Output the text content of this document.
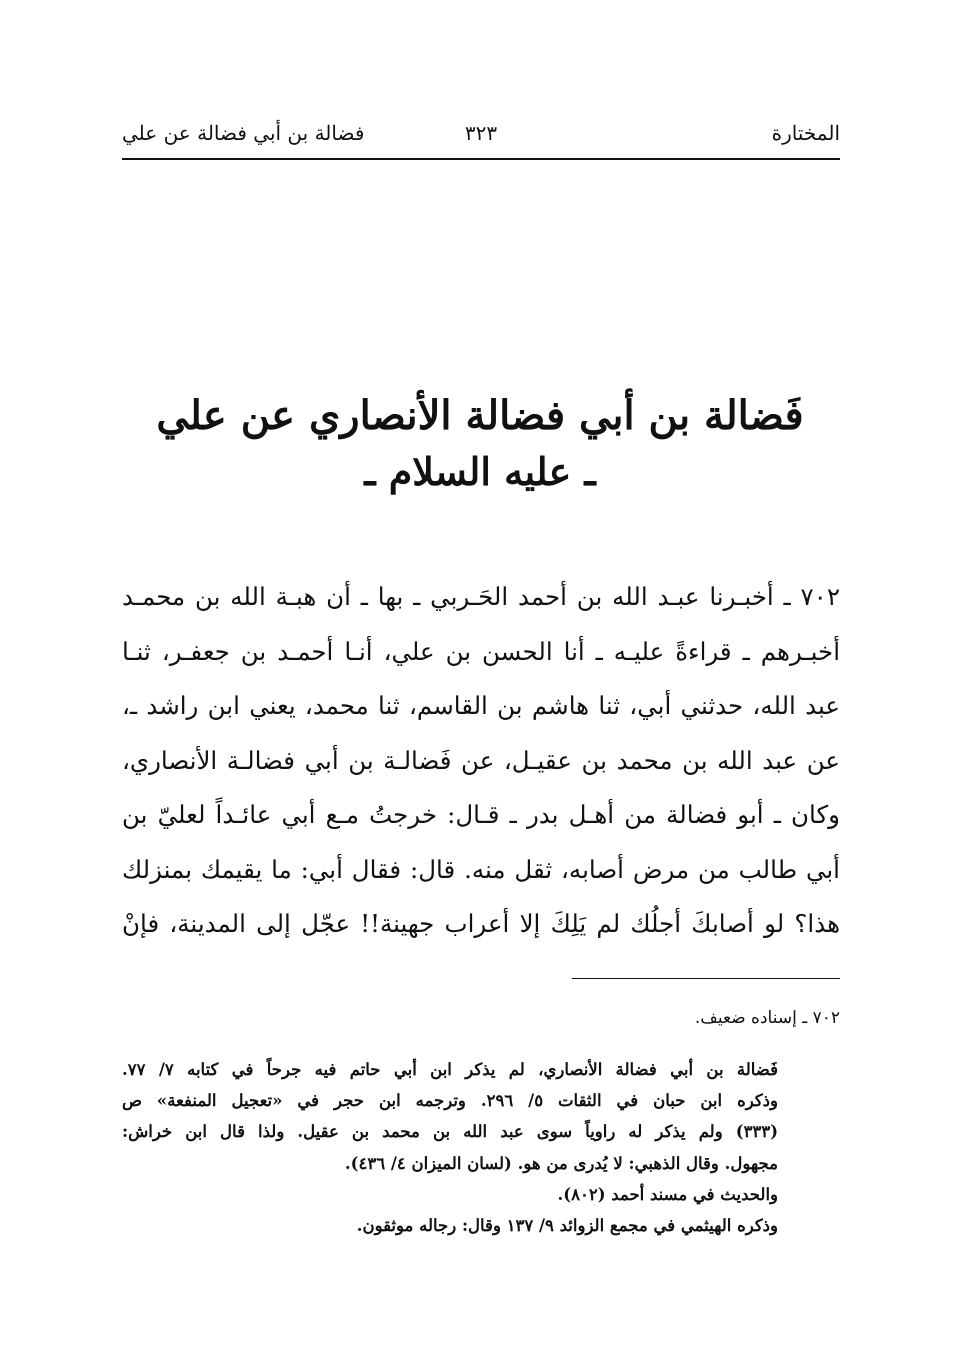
المختارة
٣٢٣
فضالة بن أبي فضالة عن علي
فَضالة بن أبي فضالة الأنصاري عن علي
ـ عليه السلام ـ
٧٠٢ ـ أخبـرنا عبـد الله بن أحمد الحَـربي ـ بها ـ أن هبـة الله بن محمـد
أخبـرهم ـ قراءةً عليـه ـ أنا الحسن بن علي، أنـا أحمـد بن جعفـر، ثنـا
عبد الله، حدثني أبي، ثنا هاشم بن القاسم، ثنا محمد، يعني ابن راشد ـ،
عن عبد الله بن محمد بن عقيـل، عن فَضالـة بن أبي فضالـة الأنصاري،
وكان ـ أبو فضالة من أهـل بدر ـ قـال: خرجتُ مـع أبي عائـداً لعليّ بن
أبي طالب من مرض أصابه، ثقل منه. قال: فقال أبي: ما يقيمك بمنزلك
هذا؟ لو أصابكَ أجلُك لم يَلِكَ إلا أعراب جهينة!! عجّل إلى المدينة، فإنْ
٧٠٢ ـ إسناده ضعيف.
فَضالة بن أبي فضالة الأنصاري، لم يذكر ابن أبي حاتم فيه جرحاً في كتابه ٧/ ٧٧.
وذكره ابن حبان في الثقات ٥/ ٢٩٦. وترجمه ابن حجر في «تعجيل المنفعة» ص
(٣٣٣) ولم يذكر له راوياً سوى عبد الله بن محمد بن عقيل. ولذا قال ابن خراش:
مجهول. وقال الذهبي: لا يُدرى من هو. (لسان الميزان ٤/ ٤٣٦).
والحديث في مسند أحمد (٨٠٢).
وذكره الهيثمي في مجمع الزوائد ٩/ ١٣٧ وقال: رجاله موثقون.
